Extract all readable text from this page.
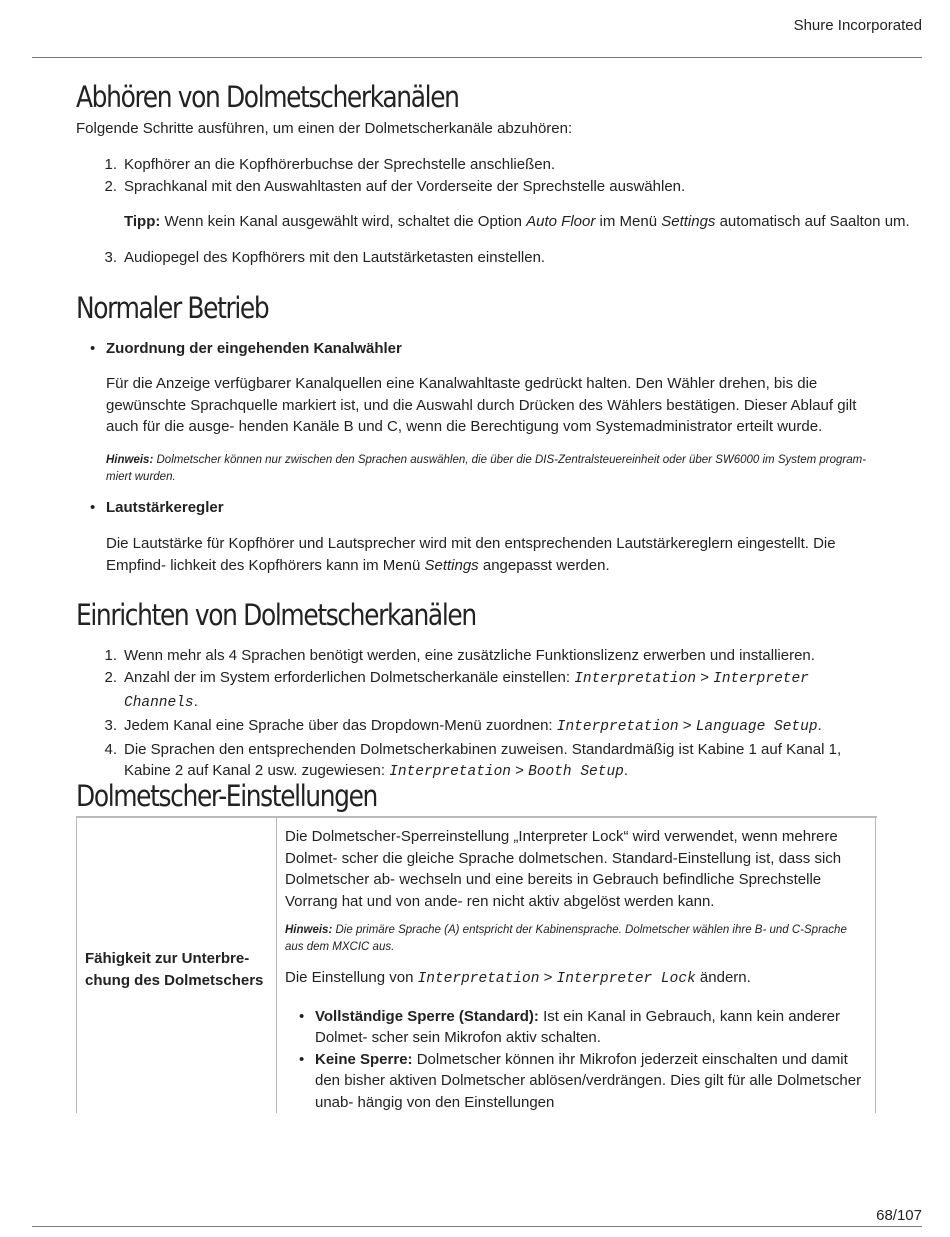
Shure Incorporated
Abhören von Dolmetscherkanälen

Folgende Schritte ausführen, um einen der Dolmetscherkanäle abzuhören:

1. Kopfhörer an die Kopfhörerbuchse der Sprechstelle anschließen.
2. Sprachkanal mit den Auswahltasten auf der Vorderseite der Sprechstelle auswählen.

Tipp: Wenn kein Kanal ausgewählt wird, schaltet die Option Auto Floor im Menü Settings automatisch auf Saalton um.

3. Audiopegel des Kopfhörers mit den Lautstärketasten einstellen.
Normaler Betrieb
• Zuordnung der eingehenden Kanalwähler

Für die Anzeige verfügbarer Kanalquellen eine Kanalwahltaste gedrückt halten. Den Wähler drehen, bis die gewünschte Sprachquelle markiert ist, und die Auswahl durch Drücken des Wählers bestätigen. Dieser Ablauf gilt auch für die ausge- henden Kanäle B und C, wenn die Berechtigung vom Systemadministrator erteilt wurde.

Hinweis: Dolmetscher können nur zwischen den Sprachen auswählen, die über die DIS-Zentralsteuereinheit oder über SW6000 im System program- miert wurden.

• Lautstärkeregler

Die Lautstärke für Kopfhörer und Lautsprecher wird mit den entsprechenden Lautstärkereglern eingestellt. Die Empfind- lichkeit des Kopfhörers kann im Menü Settings angepasst werden.

Einrichten von Dolmetscherkanälen
1. Wenn mehr als 4 Sprachen benötigt werden, eine zusätzliche Funktionslizenz erwerben und installieren.
2. Anzahl der im System erforderlichen Dolmetscherkanäle einstellen: Interpretation > Interpreter Channels.
3. Jedem Kanal eine Sprache über das Dropdown-Menü zuordnen: Interpretation > Language Setup.
4. Die Sprachen den entsprechenden Dolmetscherkabinen zuweisen. Standardmäßig ist Kabine 1 auf Kanal 1, Kabine 2 auf Kanal 2 usw. zugewiesen: Interpretation > Booth Setup.
Dolmetscher-Einstellungen
Fähigkeit zur Unterbre- chung des Dolmetschers

Die Dolmetscher-Sperreinstellung „Interpreter Lock“ wird verwendet, wenn mehrere Dolmet- scher die gleiche Sprache dolmetschen. Standard-Einstellung ist, dass sich Dolmetscher ab- wechseln und eine bereits in Gebrauch befindliche Sprechstelle Vorrang hat und von ande- ren nicht aktiv abgelöst werden kann.

Hinweis: Die primäre Sprache (A) entspricht der Kabinensprache. Dolmetscher wählen ihre B- und C-Sprache aus dem MXCIC aus.

Die Einstellung von Interpretation > Interpreter Lock ändern.

• Vollständige Sperre (Standard): Ist ein Kanal in Gebrauch, kann kein anderer Dolmet- scher sein Mikrofon aktiv schalten.
• Keine Sperre: Dolmetscher können ihr Mikrofon jederzeit einschalten und damit den bisher aktiven Dolmetscher ablösen/verdrängen. Dies gilt für alle Dolmetscher unab- hängig von den Einstellungen
68/107
